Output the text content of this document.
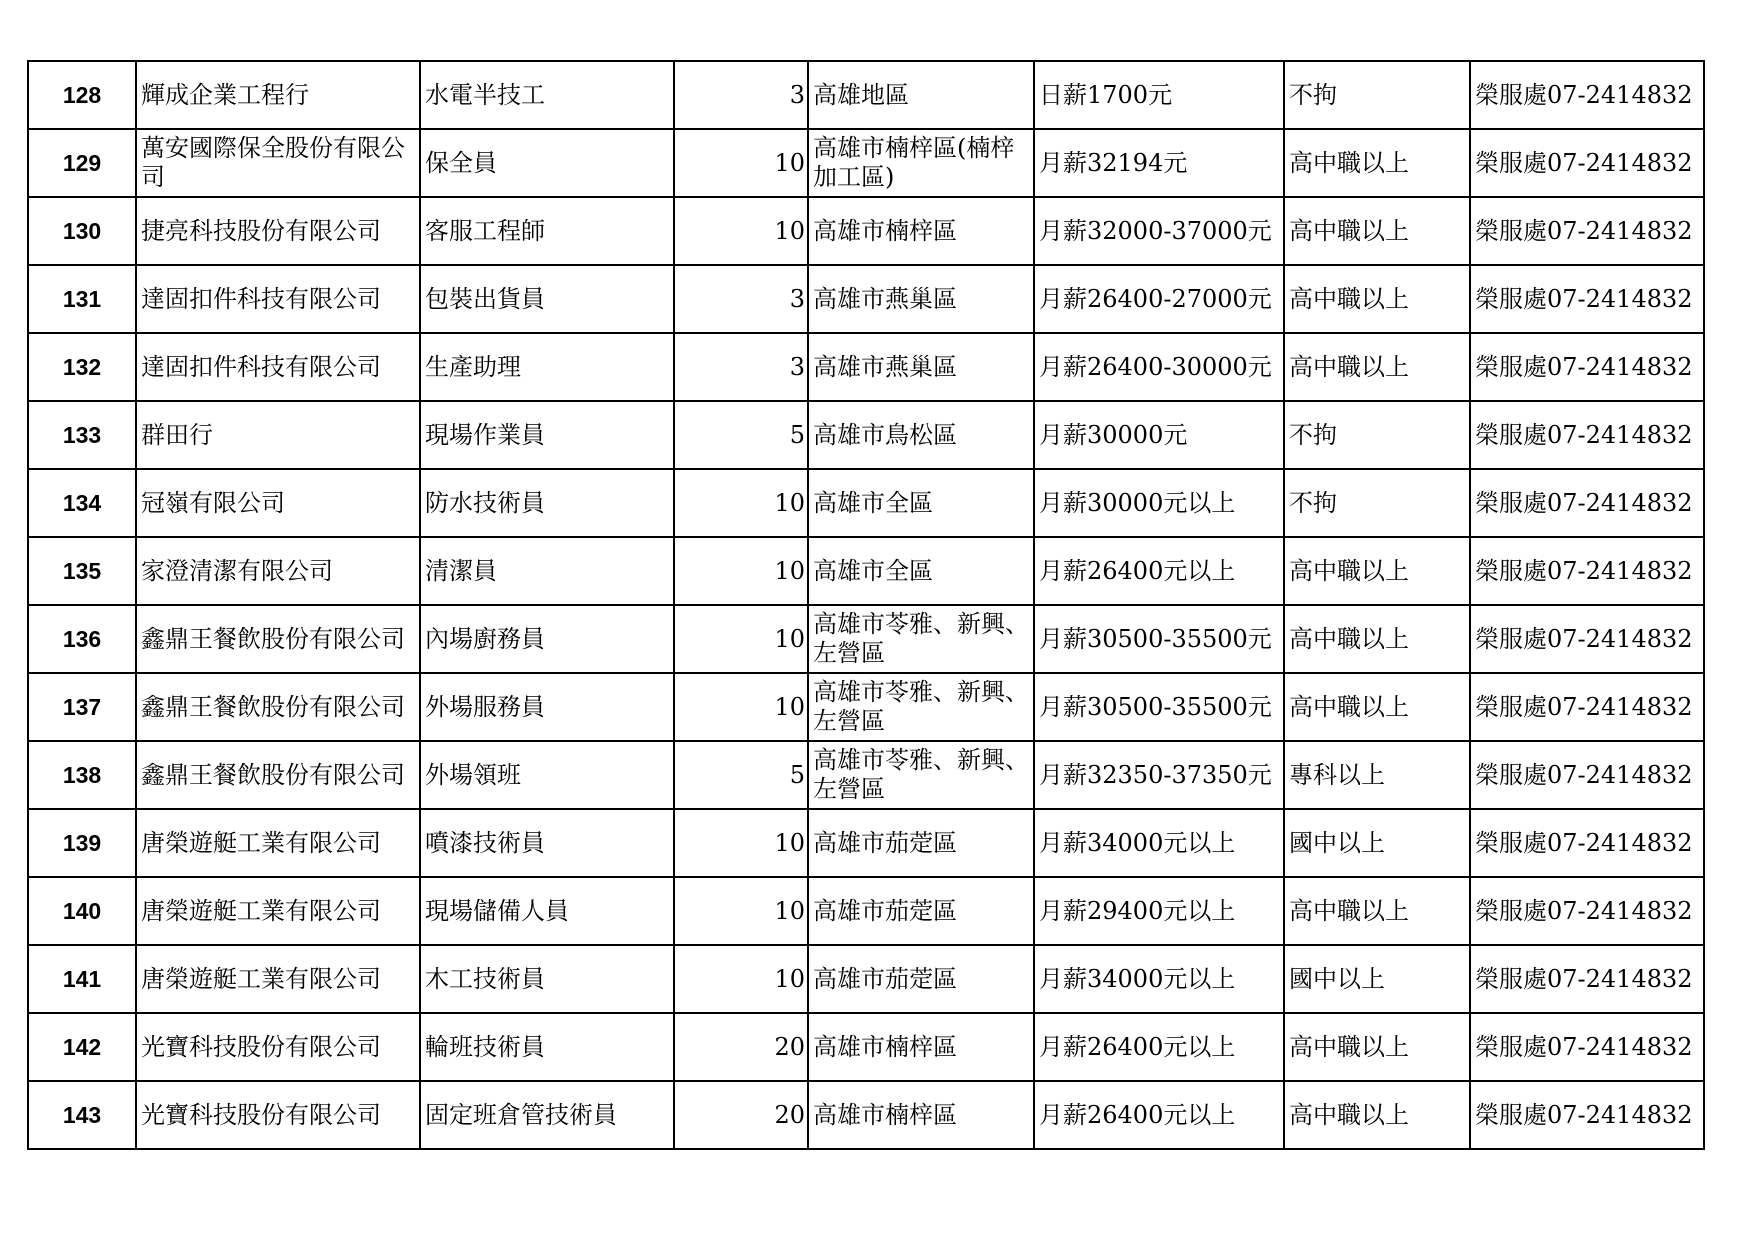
128	輝成企業工程行	水電半技工	3	高雄地區	日薪1700元	不拘	榮服處07-2414832
129	萬安國際保全股份有限公司	保全員	10	高雄市楠梓區(楠梓加工區)	月薪32194元	高中職以上	榮服處07-2414832
130	捷亮科技股份有限公司	客服工程師	10	高雄市楠梓區	月薪32000-37000元	高中職以上	榮服處07-2414832
131	達固扣件科技有限公司	包裝出貨員	3	高雄市燕巢區	月薪26400-27000元	高中職以上	榮服處07-2414832
132	達固扣件科技有限公司	生產助理	3	高雄市燕巢區	月薪26400-30000元	高中職以上	榮服處07-2414832
133	群田行	現場作業員	5	高雄市鳥松區	月薪30000元	不拘	榮服處07-2414832
134	冠嶺有限公司	防水技術員	10	高雄市全區	月薪30000元以上	不拘	榮服處07-2414832
135	家澄清潔有限公司	清潔員	10	高雄市全區	月薪26400元以上	高中職以上	榮服處07-2414832
136	鑫鼎王餐飲股份有限公司	內場廚務員	10	高雄市苓雅、新興、左營區	月薪30500-35500元	高中職以上	榮服處07-2414832
137	鑫鼎王餐飲股份有限公司	外場服務員	10	高雄市苓雅、新興、左營區	月薪30500-35500元	高中職以上	榮服處07-2414832
138	鑫鼎王餐飲股份有限公司	外場領班	5	高雄市苓雅、新興、左營區	月薪32350-37350元	專科以上	榮服處07-2414832
139	唐榮遊艇工業有限公司	噴漆技術員	10	高雄市茄萣區	月薪34000元以上	國中以上	榮服處07-2414832
140	唐榮遊艇工業有限公司	現場儲備人員	10	高雄市茄萣區	月薪29400元以上	高中職以上	榮服處07-2414832
141	唐榮遊艇工業有限公司	木工技術員	10	高雄市茄萣區	月薪34000元以上	國中以上	榮服處07-2414832
142	光寶科技股份有限公司	輪班技術員	20	高雄市楠梓區	月薪26400元以上	高中職以上	榮服處07-2414832
143	光寶科技股份有限公司	固定班倉管技術員	20	高雄市楠梓區	月薪26400元以上	高中職以上	榮服處07-2414832
